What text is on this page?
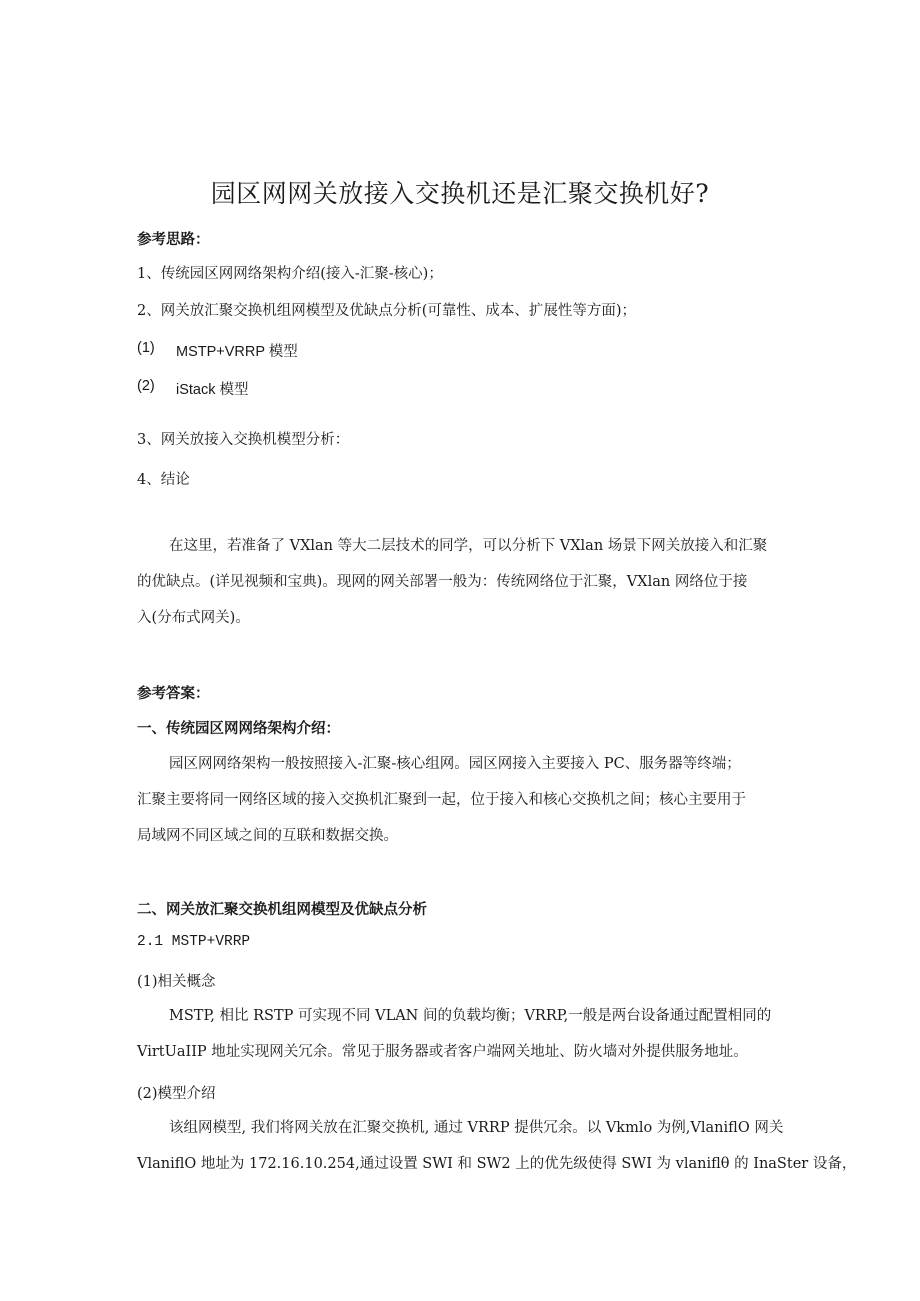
园区网网关放接入交换机还是汇聚交换机好?
参考思路：
1、传统园区网网络架构介绍(接入-汇聚-核心)；
2、网关放汇聚交换机组网模型及优缺点分析(可靠性、成本、扩展性等方面)；
(1) MSTP+VRRP 模型
(2) iStack 模型
3、网关放接入交换机模型分析：
4、结论
在这里，若准备了 VXlan 等大二层技术的同学，可以分析下 VXlan 场景下网关放接入和汇聚
的优缺点。(详见视频和宝典)。现网的网关部署一般为：传统网络位于汇聚，VXlan 网络位于接
入(分布式网关)。
参考答案：
一、传统园区网网络架构介绍：
园区网网络架构一般按照接入-汇聚-核心组网。园区网接入主要接入 PC、服务器等终端；
汇聚主要将同一网络区域的接入交换机汇聚到一起，位于接入和核心交换机之间；核心主要用于
局域网不同区域之间的互联和数据交换。
二、网关放汇聚交换机组网模型及优缺点分析
2.1 MSTP+VRRP
(1)相关概念
MSTP, 相比 RSTP 可实现不同 VLAN 间的负载均衡；VRRP,一般是两台设备通过配置相同的
VirtUaIIP 地址实现网关冗余。常见于服务器或者客户端网关地址、防火墙对外提供服务地址。
(2)模型介绍
该组网模型, 我们将网关放在汇聚交换机, 通过 VRRP 提供冗余。以 Vkmlo 为例,VlaniflO 网关
VlaniflO 地址为 172.16.10.254,通过设置 SWI 和 SW2 上的优先级使得 SWI 为 vlaniflθ 的 InaSter 设备，
